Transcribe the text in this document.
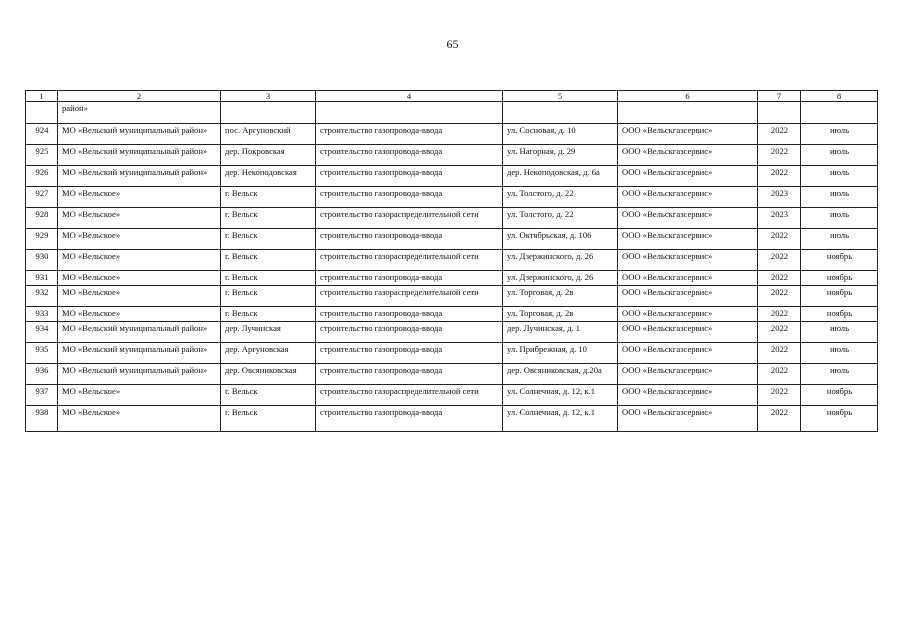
65
1	2	3	4	5	6	7	8
	район»						
924	МО «Вельский муниципальный район»	пос. Аргуновский	строительство газопровода-ввода	ул. Сосновая, д. 10	ООО «Вельскгазсервис»	2022	июль
925	МО «Вельский муниципальный район»	дер. Покровская	строительство газопровода-ввода	ул. Нагорная, д. 29	ООО «Вельскгазсервис»	2022	июль
926	МО «Вельский муниципальный район»	дер. Некоподовская	строительство газопровода-ввода	дер. Некоподовская, д. 6а	ООО «Вельскгазсервис»	2022	июль
927	МО «Вельское»	г. Вельск	строительство газопровода-ввода	ул. Толстого, д. 22	ООО «Вельскгазсервис»	2023	июль
928	МО «Вельское»	г. Вельск	строительство газораспределительной сети	ул. Толстого, д. 22	ООО «Вельскгазсервис»	2023	июль
929	МО «Вельское»	г. Вельск	строительство газопровода-ввода	ул. Октябрьская, д. 106	ООО «Вельскгазсервис»	2022	июль
930	МО «Вельское»	г. Вельск	строительство газораспределительной сети	ул. Дзержинского, д. 26	ООО «Вельскгазсервис»	2022	ноябрь
931	МО «Вельское»	г. Вельск	строительство газопровода-ввода	ул. Дзержинского, д. 26	ООО «Вельскгазсервис»	2022	ноябрь
932	МО «Вельское»	г. Вельск	строительство газораспределительной сети	ул. Торговая, д. 2в	ООО «Вельскгазсервис»	2022	ноябрь
933	МО «Вельское»	г. Вельск	строительство газопровода-ввода	ул. Торговая, д. 2в	ООО «Вельскгазсервис»	2022	ноябрь
934	МО «Вельский муниципальный район»	дер. Лучинская	строительство газопровода-ввода	дер. Лучинская, д. 1	ООО «Вельскгазсервис»	2022	июль
935	МО «Вельский муниципальный район»	дер. Аргуновская	строительство газопровода-ввода	ул. Прибрежная, д. 10	ООО «Вельскгазсервис»	2022	июль
936	МО «Вельский муниципальный район»	дер. Овсяниковская	строительство газопровода-ввода	дер. Овсяниковская, д.20а	ООО «Вельскгазсервис»	2022	июль
937	МО «Вельское»	г. Вельск	строительство газораспределительной сети	ул. Солнечная, д. 12, к.1	ООО «Вельскгазсервис»	2022	ноябрь
938	МО «Вельское»	г. Вельск	строительство газопровода-ввода	ул. Солнечная, д. 12, к.1	ООО «Вельскгазсервис»	2022	ноябрь
